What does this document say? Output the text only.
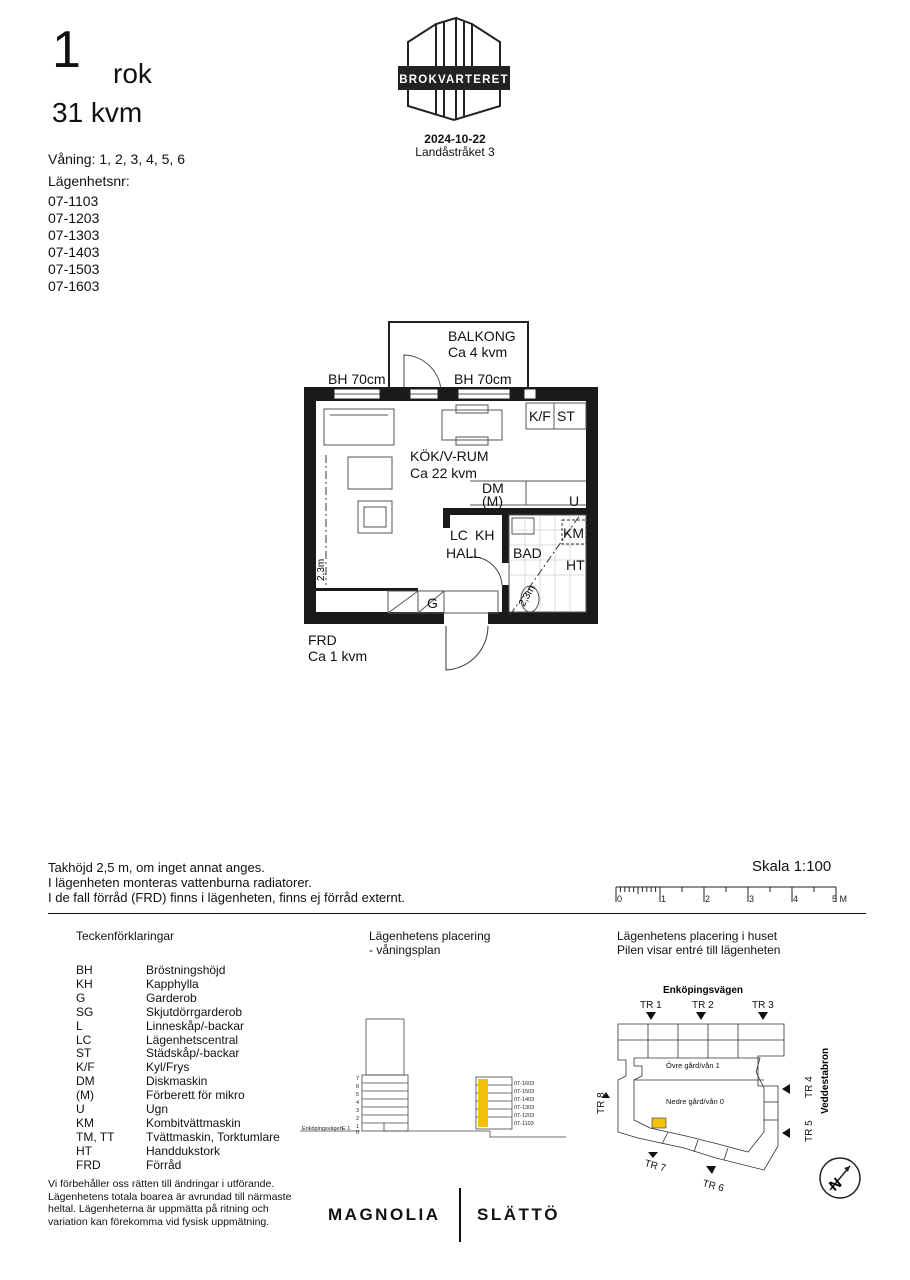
1 rok
31 kvm
Våning: 1, 2, 3, 4, 5, 6
Lägenhetsnr:
07-1103
07-1203
07-1303
07-1403
07-1503
07-1603
BROKVARTERET
2024-10-22
Landåstråket 3
BALKONG
Ca 4 kvm
BH 70cm	BH 70cm
KÖK/V-RUM
Ca 22 kvm
K/F ST
DM
(M)	U
LC KH
HALL BAD
KM
HT
G
FRD
Ca 1 kvm
2,3m
2,3m
Takhöjd 2,5 m, om inget annat anges.
I lägenheten monteras vattenburna radiatorer.
I de fall förråd (FRD) finns i lägenheten, finns ej förråd externt.
Skala 1:100
0	1	2	3	4	5 M
Teckenförklaringar
BH	Bröstningshöjd
KH	Kapphylla
G	Garderob
SG	Skjutdörrgarderob
L	Linneskåp/-backar
LC	Lägenhetscentral
ST	Städskåp/-backar
K/F	Kyl/Frys
DM	Diskmaskin
(M)	Förberett för mikro
U	Ugn
KM	Kombitvättmaskin
TM, TT	Tvättmaskin, Torktumlare
HT	Handdukstork
FRD	Förråd
Vi förbehåller oss rätten till ändringar i utförande.
Lägenhetens totala boarea är avrundad till närmaste
heltal. Lägenheterna är uppmätta på ritning och
variation kan förekomma vid fysisk uppmätning.
Lägenhetens placering
- våningsplan
7
6
5
4
3
2
1
0
Enköpingsvägen E 1
07-1603
07-1503
07-1403
07-1303
07-1203
07-1103
Lägenhetens placering i huset
Pilen visar entré till lägenheten
Enköpingsvägen
Veddestabron
TR 1	TR 2	TR 3
TR 4
TR 5
TR 6
TR 7
TR 8
Övre gård/vån 1
Nedre gård/vån 0
N
MAGNOLIA SLÄTTÖ
